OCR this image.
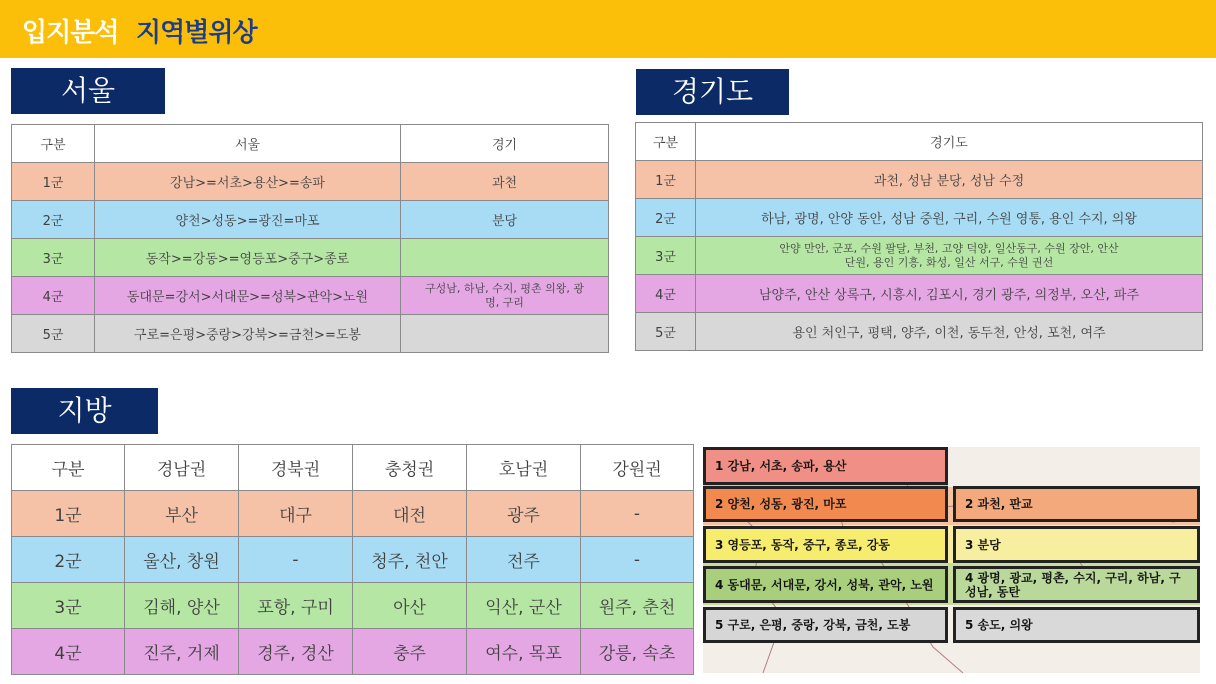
입지분석 지역별위상
서울
구분	서울	경기
1군	강남>=서초>용산>=송파	과천
2군	양천>성동>=광진=마포	분당
3군	동작>=강동>=영등포>중구>종로	
4군	동대문=강서>서대문>=성북>관악>노원	구성남, 하남, 수지, 평촌 의왕, 광명, 구리
5군	구로=은평>중랑>강북>=금천>=도봉	
경기도
구분	경기도
1군	과천, 성남 분당, 성남 수정
2군	하남, 광명, 안양 동안, 성남 중원, 구리, 수원 영통, 용인 수지, 의왕
3군	안양 만안, 군포, 수원 팔달, 부천, 고양 덕양, 일산동구, 수원 장안, 안산 단원, 용인 기흥, 화성, 일산 서구, 수원 권선
4군	남양주, 안산 상록구, 시흥시, 김포시, 경기 광주, 의정부, 오산, 파주
5군	용인 처인구, 평택, 양주, 이천, 동두천, 안성, 포천, 여주
지방
구분	경남권	경북권	충청권	호남권	강원권
1군	부산	대구	대전	광주	-
2군	울산, 창원	-	청주, 천안	전주	-
3군	김해, 양산	포항, 구미	아산	익산, 군산	원주, 춘천
4군	진주, 거제	경주, 경산	충주	여수, 목포	강릉, 속초
1 강남, 서초, 송파, 용산
2 양천, 성동, 광진, 마포
3 영등포, 동작, 중구, 종로, 강동
4 동대문, 서대문, 강서, 성북, 관악, 노원
5 구로, 은평, 중랑, 강북, 금천, 도봉
2 과천, 판교
3 분당
4 광명, 광교, 평촌, 수지, 구리, 하남, 구성남, 동탄
5 송도, 의왕
